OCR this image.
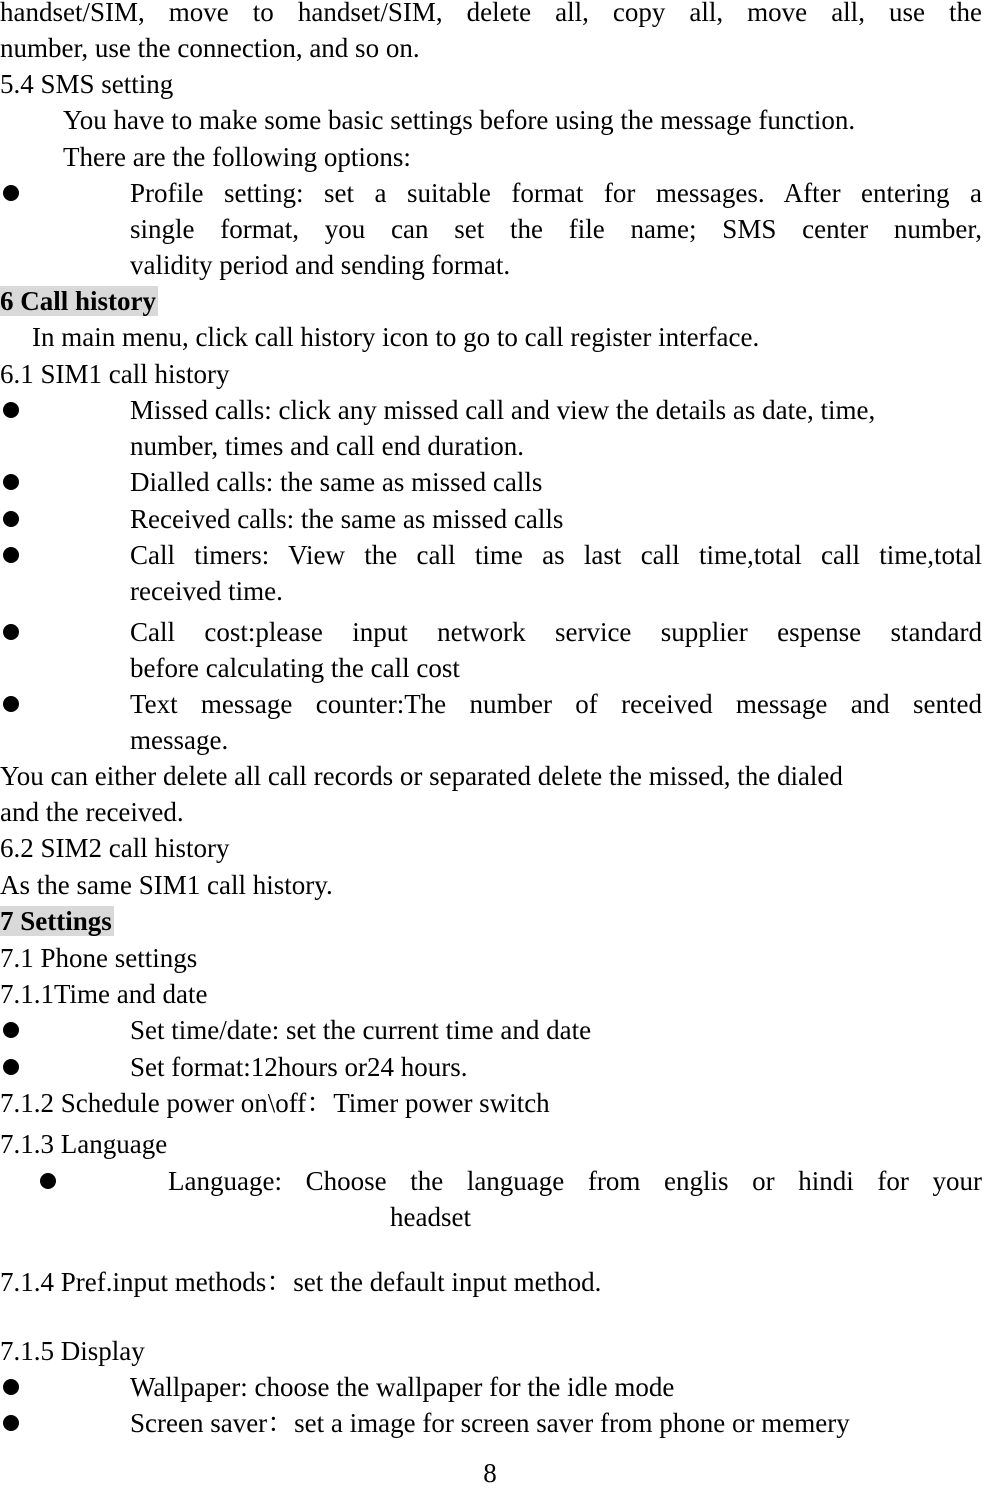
handset/SIM, move to handset/SIM, delete all, copy all, move all, use the
number, use the connection, and so on.
5.4 SMS setting
You have to make some basic settings before using the message function.
There are the following options:
Profile setting: set a suitable format for messages. After entering a
single format, you can set the file name; SMS center number,
validity period and sending format.
6 Call history
In main menu, click call history icon to go to call register interface.
6.1 SIM1 call history
Missed calls: click any missed call and view the details as date, time,
number, times and call end duration.
Dialled calls: the same as missed calls
Received calls: the same as missed calls
Call timers: View the call time as last call time,total call time,total
received time.
Call cost:please input network service supplier espense standard
before calculating the call cost
Text message counter:The number of received message and sented
message.
You can either delete all call records or separated delete the missed, the dialed
and the received.
6.2 SIM2 call history
As the same SIM1 call history.
7 Settings
7.1 Phone settings
7.1.1Time and date
Set time/date: set the current time and date
Set format:12hours or24 hours.
7.1.2 Schedule power on\off：Timer power switch
7.1.3 Language
Language: Choose the language from englis or hindi for your
headset
7.1.4 Pref.input methods：set the default input method.
7.1.5 Display
Wallpaper: choose the wallpaper for the idle mode
Screen saver：set a image for screen saver from phone or memery
8
